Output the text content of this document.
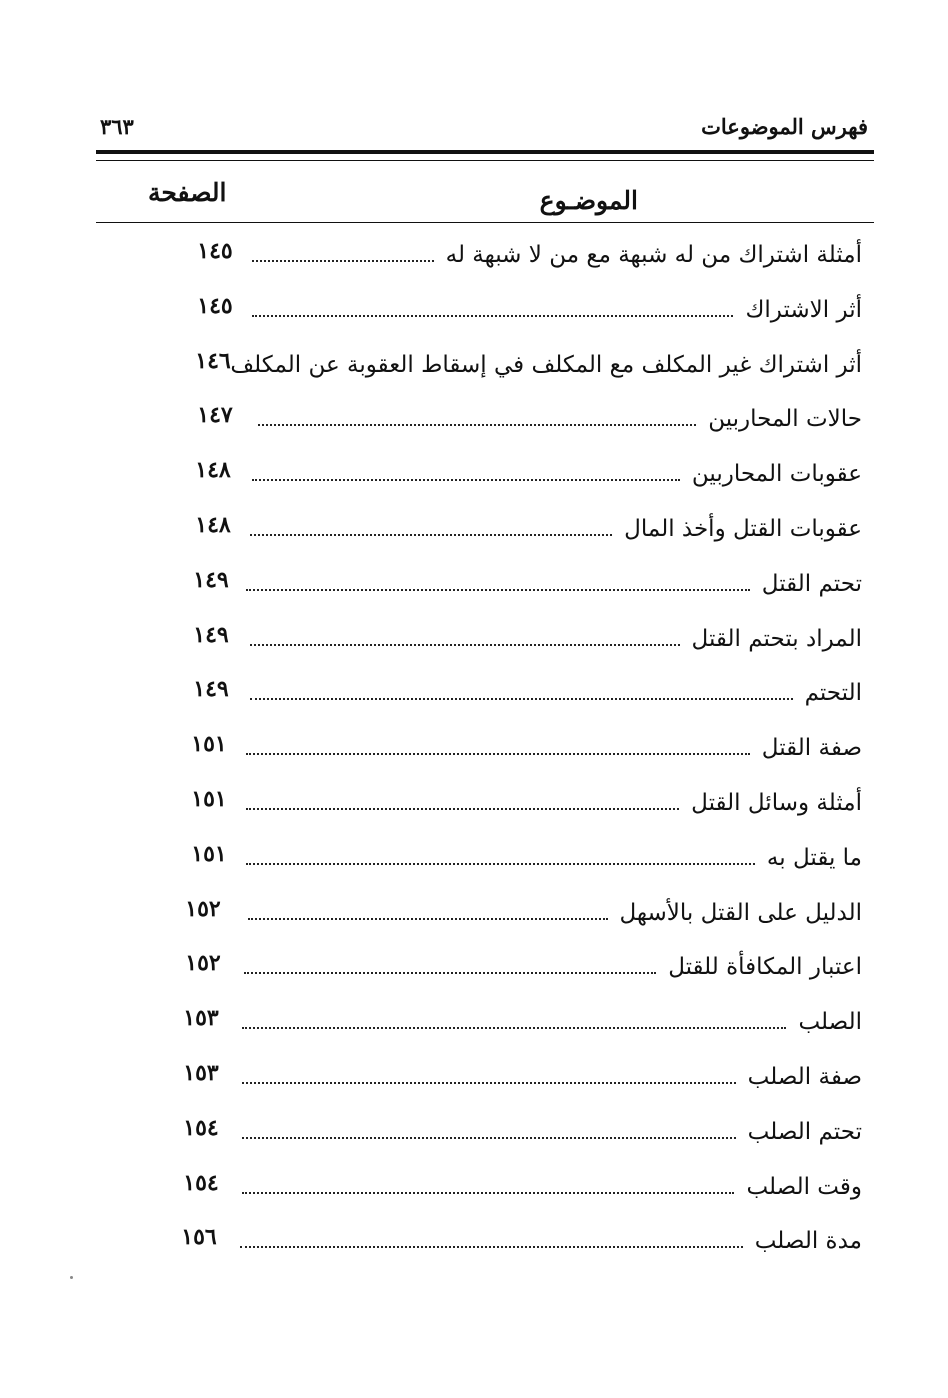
فهرس الموضوعات
٣٦٣
الموضـوع
الصفحة
أمثلة اشتراك من له شبهة مع من لا شبهة له
١٤٥
أثر الاشتراك
١٤٥
أثر اشتراك غير المكلف مع المكلف في إسقاط العقوبة عن المكلف
١٤٦
حالات المحاربين
١٤٧
عقوبات المحاربين
١٤٨
عقوبات القتل وأخذ المال
١٤٨
تحتم القتل
١٤٩
المراد بتحتم القتل
١٤٩
التحتم
١٤٩
صفة القتل
١٥١
أمثلة وسائل القتل
١٥١
ما يقتل به
١٥١
الدليل على القتل بالأسهل
١٥٢
اعتبار المكافأة للقتل
١٥٢
الصلب
١٥٣
صفة الصلب
١٥٣
تحتم الصلب
١٥٤
وقت الصلب
١٥٤
مدة الصلب
١٥٦
